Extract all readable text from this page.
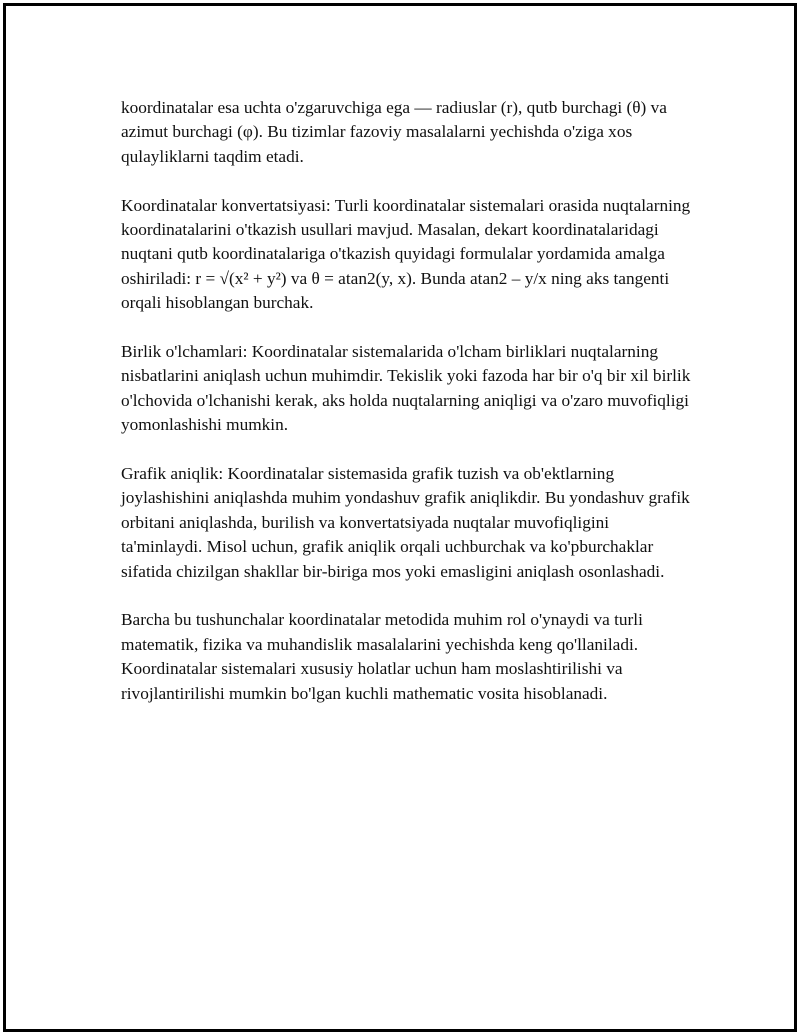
koordinatalar esa uchta o'zgaruvchiga ega — radiuslar (r), qutb burchagi (θ) va azimut burchagi (φ). Bu tizimlar fazoviy masalalarni yechishda o'ziga xos qulayliklarni taqdim etadi.

Koordinatalar konvertatsiyasi: Turli koordinatalar sistemalari orasida nuqtalarning koordinatalarini o'tkazish usullari mavjud. Masalan, dekart koordinatalaridagi nuqtani qutb koordinatalariga o'tkazish quyidagi formulalar yordamida amalga oshiriladi: r = √(x² + y²) va θ = atan2(y, x). Bunda atan2 – y/x ning aks tangenti orqali hisoblangan burchak.

Birlik o'lchamlari: Koordinatalar sistemalarida o'lcham birliklari nuqtalarning nisbatlarini aniqlash uchun muhimdir. Tekislik yoki fazoda har bir o'q bir xil birlik o'lchovida o'lchanishi kerak, aks holda nuqtalarning aniqligi va o'zaro muvofiqligi yomonlashishi mumkin.

Grafik aniqlik: Koordinatalar sistemasida grafik tuzish va ob'ektlarning joylashishini aniqlashda muhim yondashuv grafik aniqlikdir. Bu yondashuv grafik orbitani aniqlashda, burilish va konvertatsiyada nuqtalar muvofiqligini ta'minlaydi. Misol uchun, grafik aniqlik orqali uchburchak va ko'pburchaklar sifatida chizilgan shakllar bir-biriga mos yoki emasligini aniqlash osonlashadi.

Barcha bu tushunchalar koordinatalar metodida muhim rol o'ynaydi va turli matematik, fizika va muhandislik masalalarini yechishda keng qo'llaniladi. Koordinatalar sistemalari xususiy holatlar uchun ham moslashtirilishi va rivojlantirilishi mumkin bo'lgan kuchli mathematic vosita hisoblanadi.
